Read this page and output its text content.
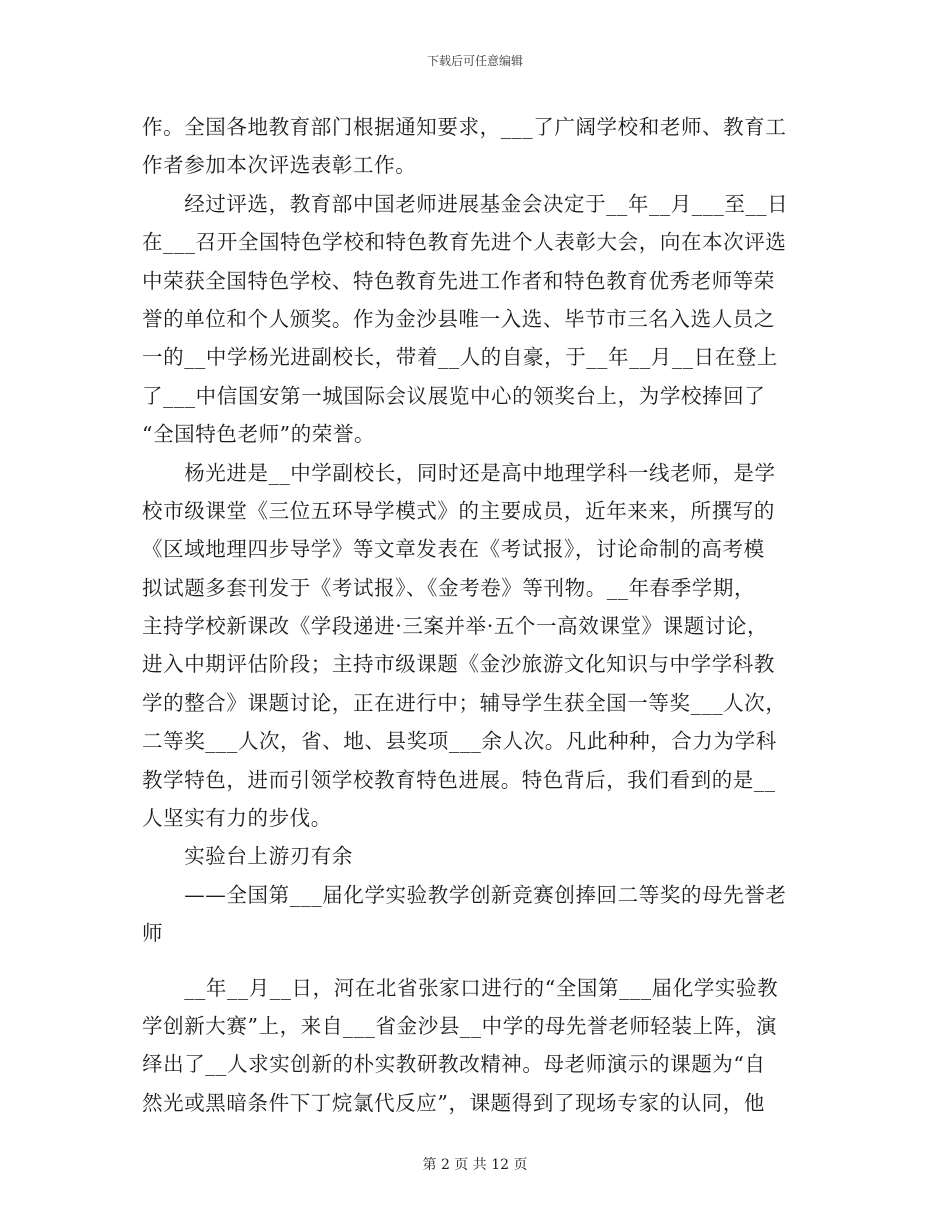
下载后可任意编辑
作。全国各地教育部门根据通知要求，___了广阔学校和老师、教育工
作者参加本次评选表彰工作。
　　经过评选，教育部中国老师进展基金会决定于__年__月___至__日
在___召开全国特色学校和特色教育先进个人表彰大会，向在本次评选
中荣获全国特色学校、特色教育先进工作者和特色教育优秀老师等荣
誉的单位和个人颁奖。作为金沙县唯一入选、毕节市三名入选人员之
一的__中学杨光进副校长，带着__人的自豪，于__年__月__日在登上
了___中信国安第一城国际会议展览中心的领奖台上，为学校捧回了
“全国特色老师”的荣誉。
　　杨光进是__中学副校长，同时还是高中地理学科一线老师，是学
校市级课堂《三位五环导学模式》的主要成员，近年来来，所撰写的
《区域地理四步导学》等文章发表在《考试报》，讨论命制的高考模
拟试题多套刊发于《考试报》、《金考卷》等刊物。__年春季学期，
主持学校新课改《学段递进·三案并举·五个一高效课堂》课题讨论，
进入中期评估阶段；主持市级课题《金沙旅游文化知识与中学学科教
学的整合》课题讨论，正在进行中；辅导学生获全国一等奖___人次，
二等奖___人次，省、地、县奖项___余人次。凡此种种，合力为学科
教学特色，进而引领学校教育特色进展。特色背后，我们看到的是__
人坚实有力的步伐。
　　实验台上游刃有余
　　——全国第___届化学实验教学创新竞赛创捧回二等奖的母先誉老
师
　　__年__月__日，河在北省张家口进行的“全国第___届化学实验教
学创新大赛”上，来自___省金沙县__中学的母先誉老师轻装上阵，演
绎出了__人求实创新的朴实教研教改精神。母老师演示的课题为“自
然光或黑暗条件下丁烷氯代反应”，课题得到了现场专家的认同，他
第 2 页 共 12 页
